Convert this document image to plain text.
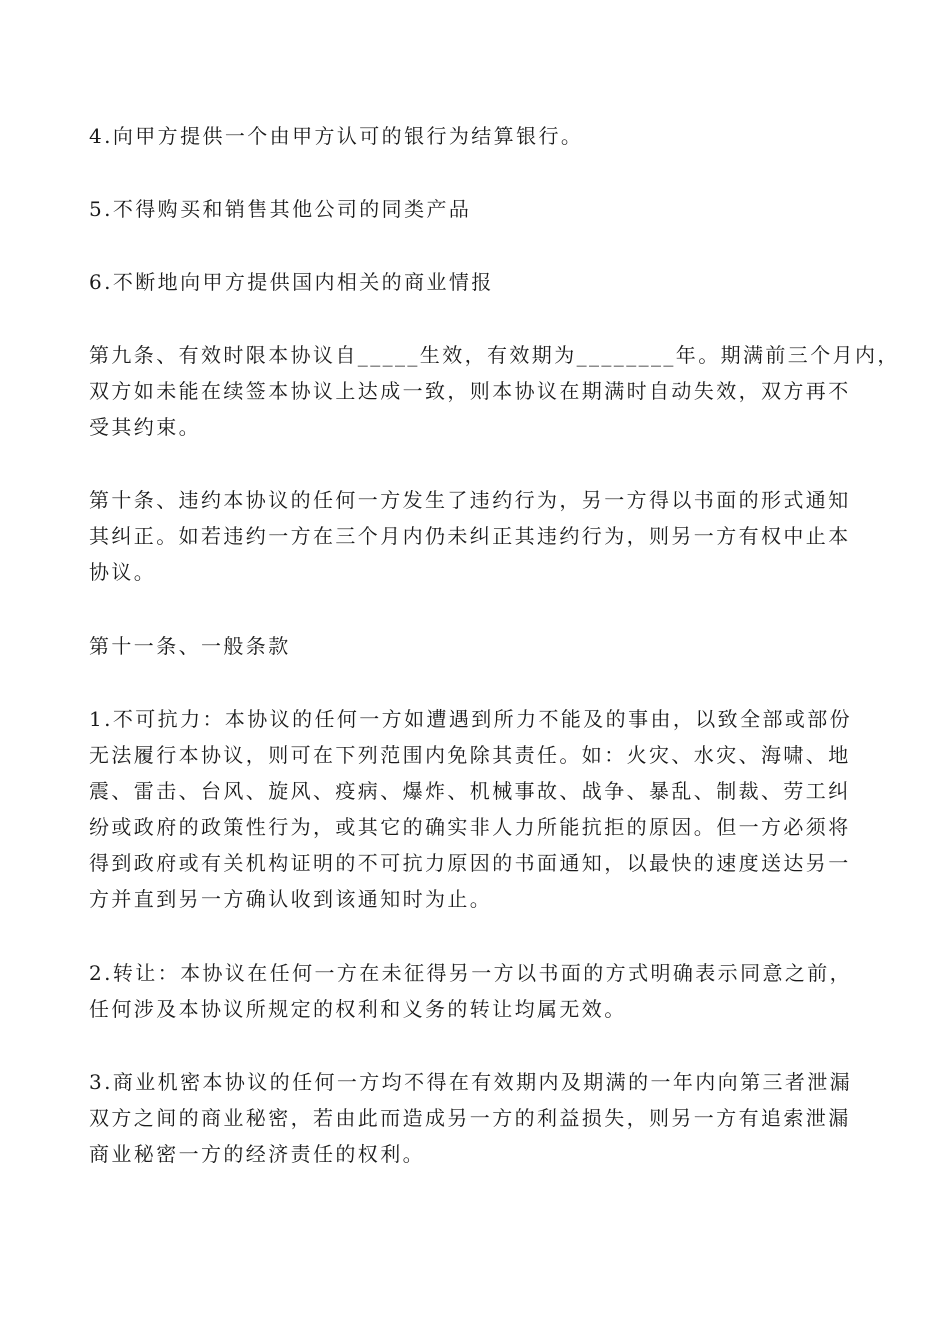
4.向甲方提供一个由甲方认可的银行为结算银行。
5.不得购买和销售其他公司的同类产品
6.不断地向甲方提供国内相关的商业情报
第九条、有效时限本协议自_____生效，有效期为________年。期满前三个月内，
双方如未能在续签本协议上达成一致，则本协议在期满时自动失效，双方再不
受其约束。
第十条、违约本协议的任何一方发生了违约行为，另一方得以书面的形式通知
其纠正。如若违约一方在三个月内仍未纠正其违约行为，则另一方有权中止本
协议。
第十一条、一般条款
1.不可抗力：本协议的任何一方如遭遇到所力不能及的事由，以致全部或部份
无法履行本协议，则可在下列范围内免除其责任。如：火灾、水灾、海啸、地
震、雷击、台风、旋风、疫病、爆炸、机械事故、战争、暴乱、制裁、劳工纠
纷或政府的政策性行为，或其它的确实非人力所能抗拒的原因。但一方必须将
得到政府或有关机构证明的不可抗力原因的书面通知，以最快的速度送达另一
方并直到另一方确认收到该通知时为止。
2.转让：本协议在任何一方在未征得另一方以书面的方式明确表示同意之前，
任何涉及本协议所规定的权利和义务的转让均属无效。
3.商业机密本协议的任何一方均不得在有效期内及期满的一年内向第三者泄漏
双方之间的商业秘密，若由此而造成另一方的利益损失，则另一方有追索泄漏
商业秘密一方的经济责任的权利。
